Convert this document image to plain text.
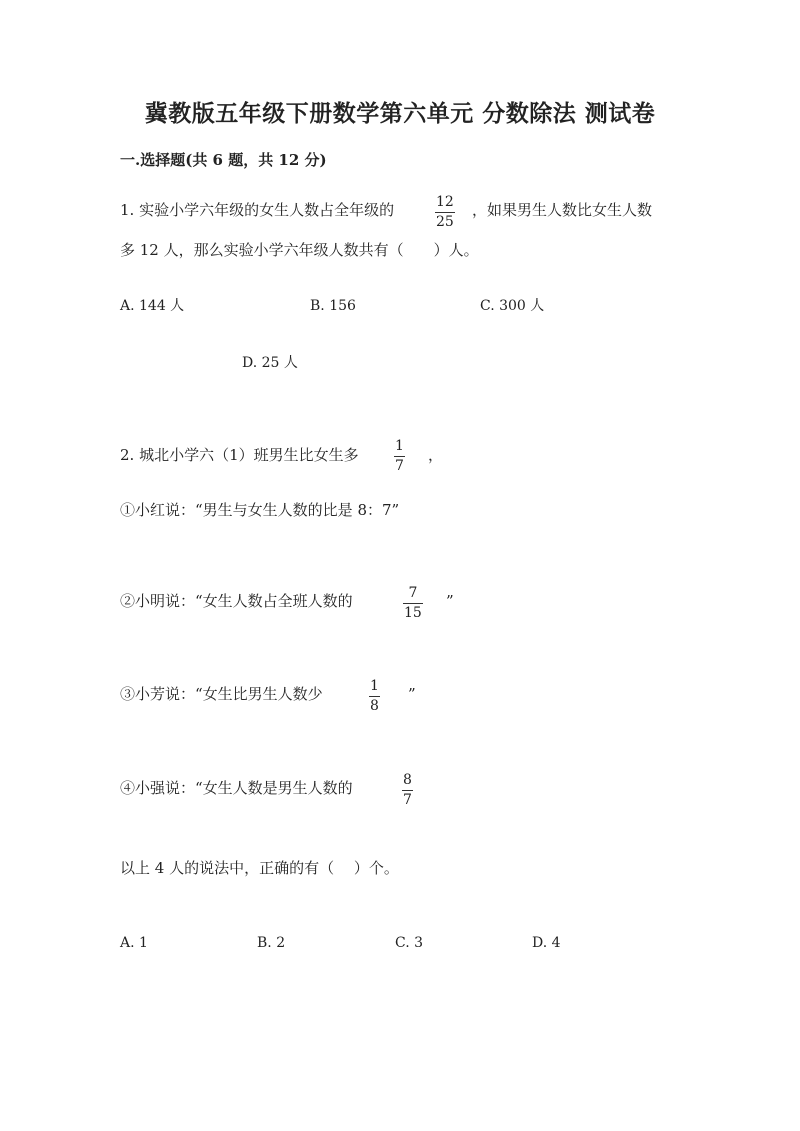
冀教版五年级下册数学第六单元 分数除法 测试卷
一.选择题(共 6 题，共 12 分)
1. 实验小学六年级的女生人数占全年级的	12
25
，如果男生人数比女生人数
多 12 人，那么实验小学六年级人数共有（　　）人。
A. 144 人	B. 156	C. 300 人
D. 25 人
2. 城北小学六（1）班男生比女生多	1
7
，
①小红说：“男生与女生人数的比是 8：7”
②小明说：“女生人数占全班人数的	7
15
”
③小芳说：“女生比男生人数少	1
8
”
④小强说：“女生人数是男生人数的	8
7
以上 4 人的说法中，正确的有（　 ）个。
A. 1	B. 2	C. 3	D. 4
